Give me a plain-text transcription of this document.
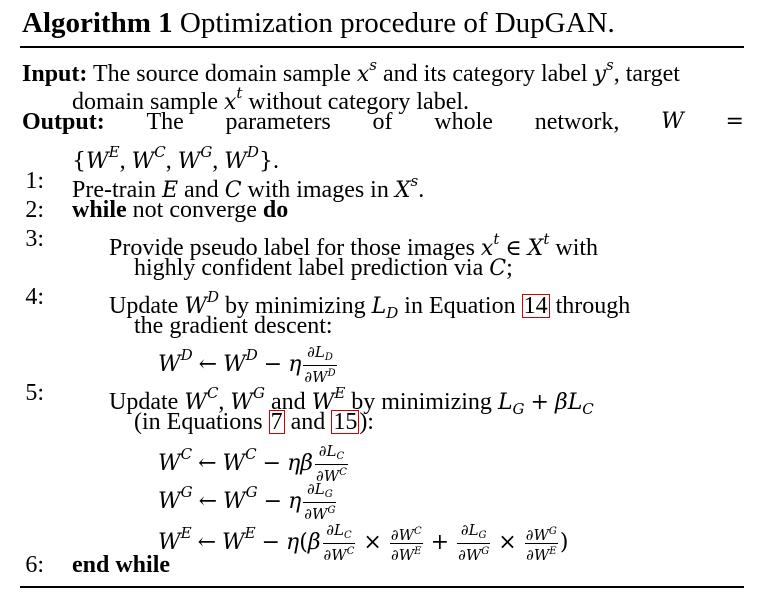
Algorithm 1 Optimization procedure of DupGAN.
Input: The source domain sample $x^s$ and its category label $y^s$, target
domain sample $x^t$ without category label.
Output: The parameters of whole network, W =
{$W^E$, $W^C$, $W^G$, $W^D$}.
1: Pre-train E and C with images in $X^s$.
2: while not converge do
3:	Provide pseudo label for those images $x^t$ ∈ $X^t$ with
highly confident label prediction via C;
4:	Update $W^D$ by minimizing $L_D$ in Equation 14 through
the gradient descent:
$W^D$ ← $W^D - \eta \frac{\partial L_D}{\partial W^D}$
5:	Update $W^C$, $W^G$ and $W^E$ by minimizing $L_G + \beta L_C$
(in Equations 7 and 15):
$W^C$ ← $W^C - \eta\beta \frac{\partial L_C}{\partial W^C}$
$W^G$ ← $W^G - \eta \frac{\partial L_G}{\partial W^G}$
$W^E$ ← $W^E - \eta(\beta \frac{\partial L_C}{\partial W^C} \times \frac{\partial W^C}{\partial W^E} + \frac{\partial L_G}{\partial W^G} \times \frac{\partial W^G}{\partial W^E}$ )
6: end while
